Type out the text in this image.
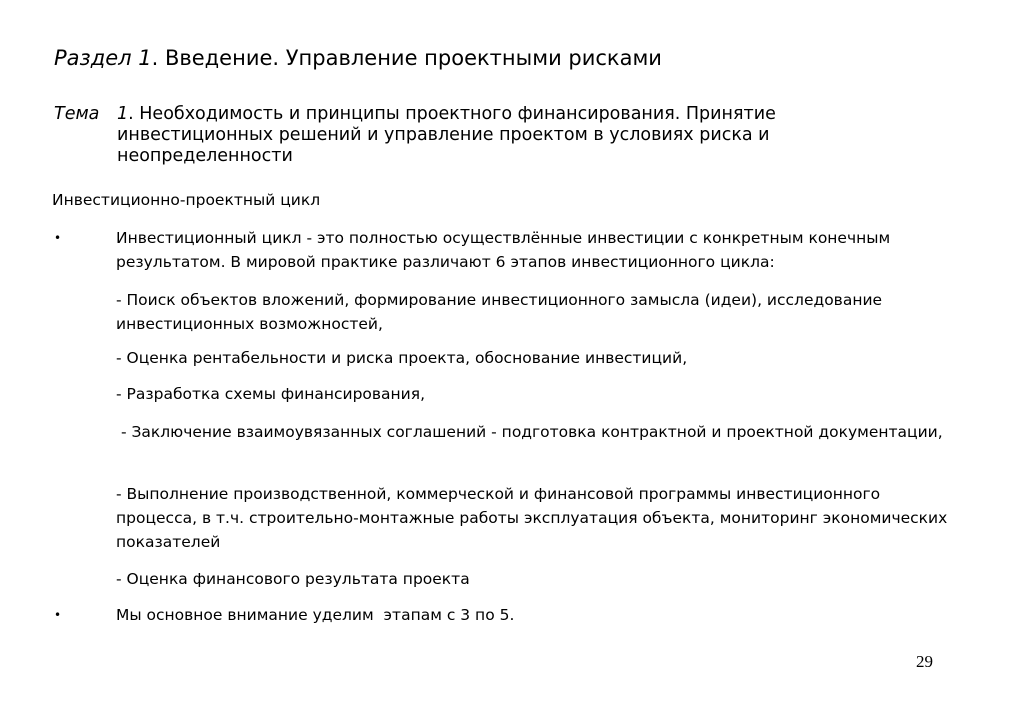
Раздел 1. Введение. Управление проектными рисками
Тема 1. Необходимость и принципы проектного финансирования. Принятие инвестиционных решений и управление проектом в условиях риска и неопределенности
Инвестиционно-проектный цикл
•	Инвестиционный цикл - это полностью осуществлённые инвестиции с конкретным конечным результатом. В мировой практике различают 6 этапов инвестиционного цикла:
- Поиск объектов вложений, формирование инвестиционного замысла (идеи), исследование инвестиционных возможностей,
- Оценка рентабельности и риска проекта, обоснование инвестиций,
- Разработка схемы финансирования,
- Заключение взаимоувязанных соглашений - подготовка контрактной и проектной документации,
- Выполнение производственной, коммерческой и финансовой программы инвестиционного процесса, в т.ч. строительно-монтажные работы эксплуатация объекта, мониторинг экономических показателей
- Оценка финансового результата проекта
•	Мы основное внимание уделим  этапам с 3 по 5.
29
